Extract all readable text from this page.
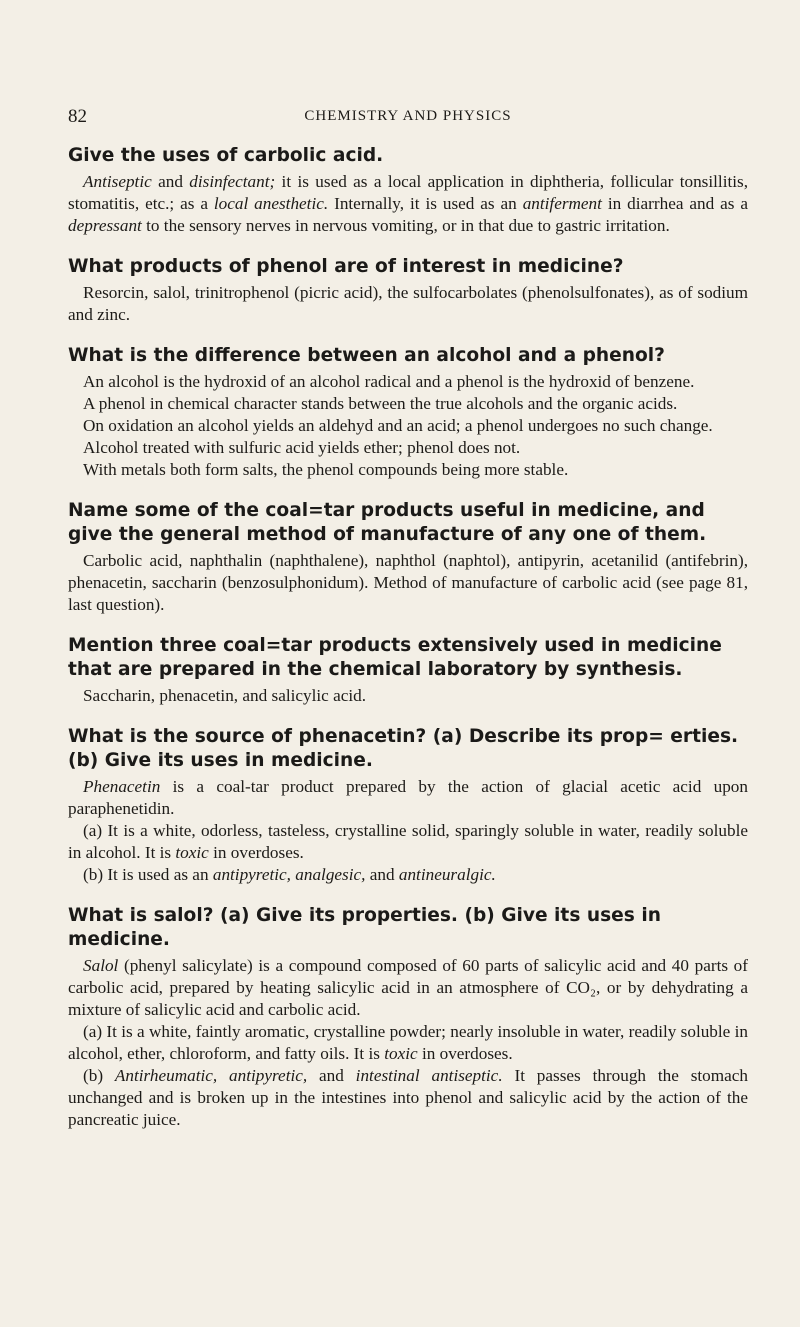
82	CHEMISTRY AND PHYSICS
Give the uses of carbolic acid.

Antiseptic and disinfectant; it is used as a local application in diphtheria, follicular tonsillitis, stomatitis, etc.; as a local anesthetic. Internally, it is used as an antiferment in diarrhea and as a depressant to the sensory nerves in nervous vomiting, or in that due to gastric irritation.

What products of phenol are of interest in medicine?

Resorcin, salol, trinitrophenol (picric acid), the sulfocarbolates (phenolsulfonates), as of sodium and zinc.

What is the difference between an alcohol and a phenol?

An alcohol is the hydroxid of an alcohol radical and a phenol is the hydroxid of benzene.

A phenol in chemical character stands between the true alcohols and the organic acids.

On oxidation an alcohol yields an aldehyd and an acid; a phenol undergoes no such change.

Alcohol treated with sulfuric acid yields ether; phenol does not.

With metals both form salts, the phenol compounds being more stable.

Name some of the coal=tar products useful in medicine, and give the general method of manufacture of any one of them.

Carbolic acid, naphthalin (naphthalene), naphthol (naphtol), antipyrin, acetanilid (antifebrin), phenacetin, saccharin (benzosulphonidum). Method of manufacture of carbolic acid (see page 81, last question).

Mention three coal=tar products extensively used in medicine that are prepared in the chemical laboratory by synthesis.

Saccharin, phenacetin, and salicylic acid.

What is the source of phenacetin? (a) Describe its prop= erties. (b) Give its uses in medicine.

Phenacetin is a coal-tar product prepared by the action of glacial acetic acid upon paraphenetidin.

(a) It is a white, odorless, tasteless, crystalline solid, sparingly soluble in water, readily soluble in alcohol. It is toxic in overdoses.

(b) It is used as an antipyretic, analgesic, and antineuralgic.

What is salol? (a) Give its properties. (b) Give its uses in medicine.

Salol (phenyl salicylate) is a compound composed of 60 parts of salicylic acid and 40 parts of carbolic acid, prepared by heating salicylic acid in an atmosphere of CO₂, or by dehydrating a mixture of salicylic acid and carbolic acid.

(a) It is a white, faintly aromatic, crystalline powder; nearly insoluble in water, readily soluble in alcohol, ether, chloroform, and fatty oils. It is toxic in overdoses.

(b) Antirheumatic, antipyretic, and intestinal antiseptic. It passes through the stomach unchanged and is broken up in the intestines into phenol and salicylic acid by the action of the pancreatic juice.
